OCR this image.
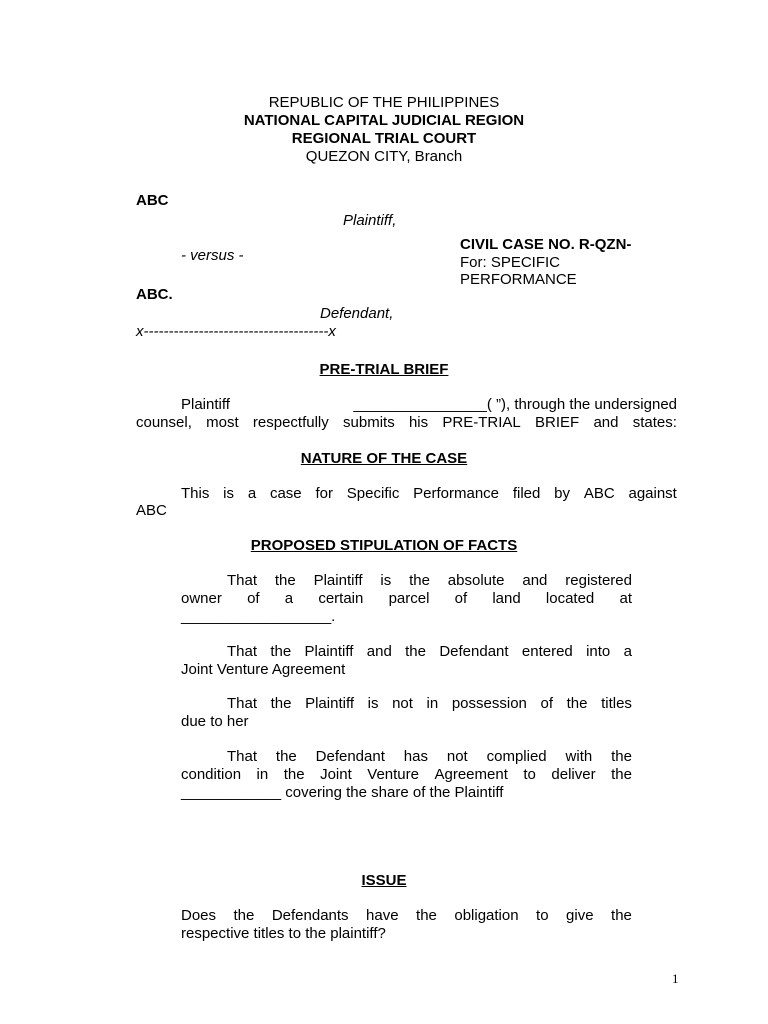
REPUBLIC OF THE PHILIPPINES
NATIONAL CAPITAL JUDICIAL REGION
REGIONAL TRIAL COURT
QUEZON CITY, Branch
ABC
Plaintiff,
- versus -
CIVIL CASE NO. R-QZN-
For: SPECIFIC
PERFORMANCE
ABC.
Defendant,
x-------------------------------------x
PRE-TRIAL BRIEF
Plaintiff	________________( ”), through the undersigned
counsel, most respectfully submits his PRE-TRIAL BRIEF and states:
NATURE OF THE CASE
This is a case for Specific Performance filed by ABC against
ABC
PROPOSED STIPULATION OF FACTS
That the Plaintiff is the absolute and registered
owner of a certain parcel of land located at
__________________.
That the Plaintiff and the Defendant entered into a
Joint Venture Agreement
That the Plaintiff is not in possession of the titles
due to her
That the Defendant has not complied with the
condition in the Joint Venture Agreement to deliver the
____________ covering the share of the Plaintiff
ISSUE
Does the Defendants have the obligation to give the
respective titles to the plaintiff?
1
